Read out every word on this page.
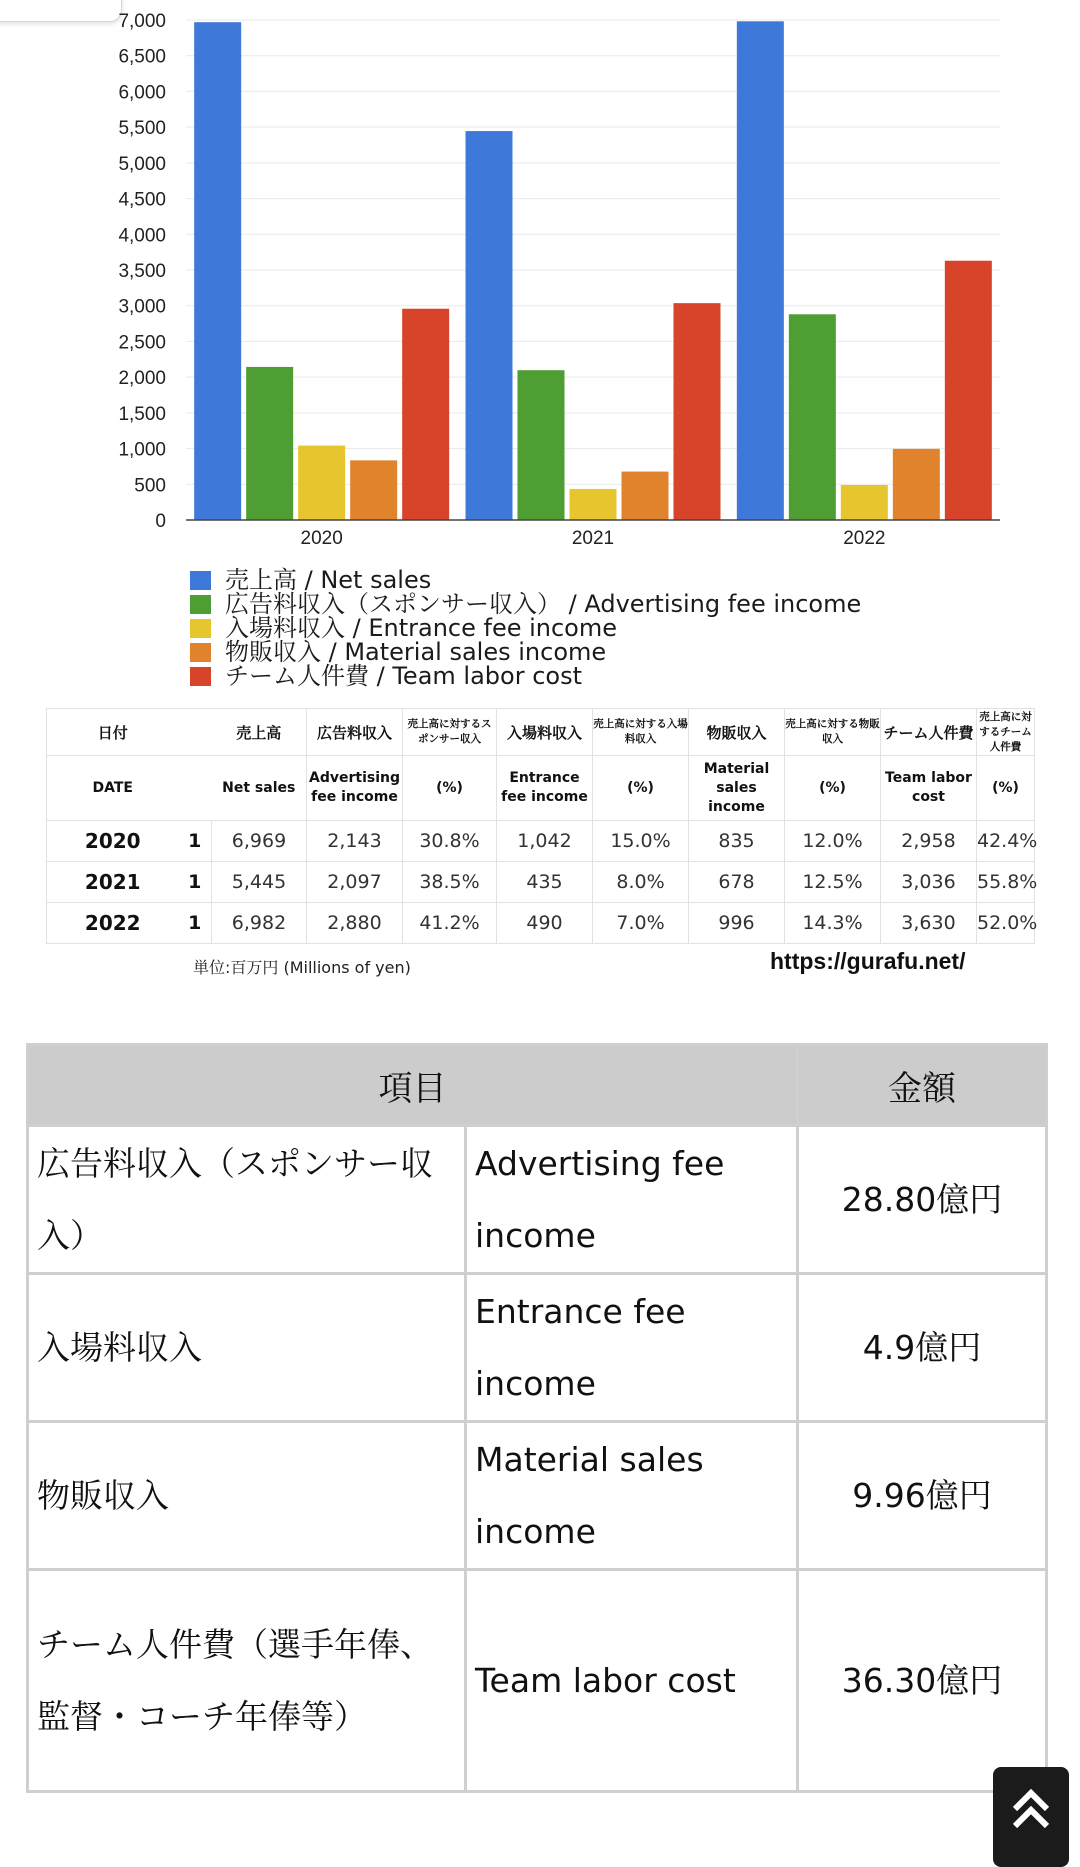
0
500
1,000
1,500
2,000
2,500
3,000
3,500
4,000
4,500
5,000
5,500
6,000
6,500
7,000
2020	2021	2022
売上高 / Net sales
広告料収入（スポンサー収入） / Advertising fee income
入場料収入 / Entrance fee income
物販収入 / Material sales income
チーム人件費 / Team labor cost
日付		売上高	広告料収入	売上高に対するスポンサー収入	入場料収入	売上高に対する入場料収入	物販収入	売上高に対する物販収入	チーム人件費	売上高に対するチーム人件費
DATE		Net sales	Advertising fee income	(%)	Entrance fee income	(%)	Material sales income	(%)	Team labor cost	(%)
2020	1	6,969	2,143	30.8%	1,042	15.0%	835	12.0%	2,958	42.4%
2021	1	5,445	2,097	38.5%	435	8.0%	678	12.5%	3,036	55.8%
2022	1	6,982	2,880	41.2%	490	7.0%	996	14.3%	3,630	52.0%
単位:百万円 (Millions of yen)	https://gurafu.net/
項目		金額
広告料収入（スポンサー収入）	Advertising fee income	28.80億円
入場料収入	Entrance fee income	4.9億円
物販収入	Material sales income	9.96億円
チーム人件費（選手年俸、監督・コーチ年俸等）	Team labor cost	36.30億円
